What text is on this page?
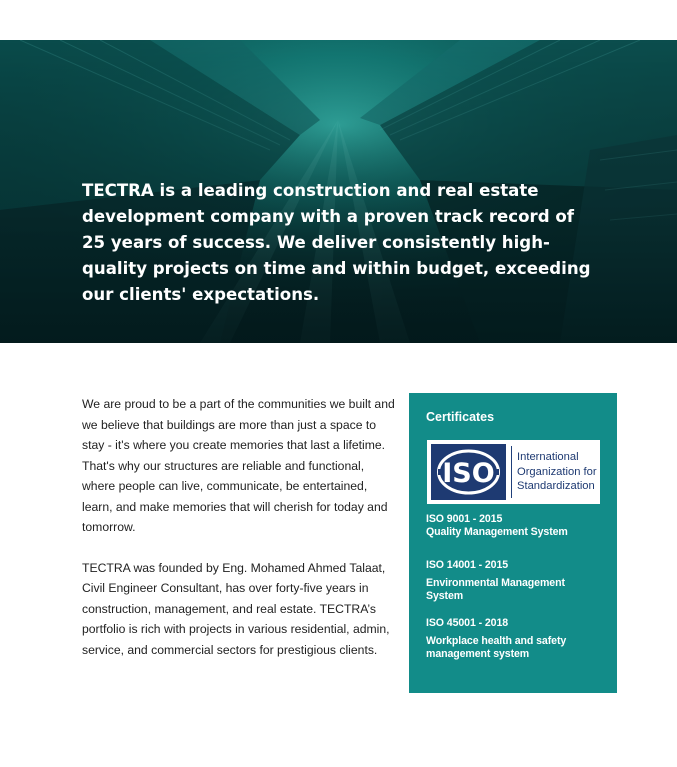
TECTRA is a leading construction and real estate development company with a proven track record of 25 years of success. We deliver consistently high-quality projects on time and within budget, exceeding our clients' expectations.

We are proud to be a part of the communities we built and we believe that buildings are more than just a space to stay - it's where you create memories that last a lifetime. That's why our structures are reliable and functional, where people can live, communicate, be entertained, learn, and make memories that will cherish for today and tomorrow.

TECTRA was founded by Eng. Mohamed Ahmed Talaat, Civil Engineer Consultant, has over forty-five years in construction, management, and real estate. TECTRA’s portfolio is rich with projects in various residential, admin, service, and commercial sectors for prestigious clients.

Certificates
ISO
International
Organization for
Standardization
ISO 9001 - 2015
Quality Management System
ISO 14001 - 2015
Environmental Management
System
ISO 45001 - 2018
Workplace health and safety
management system
